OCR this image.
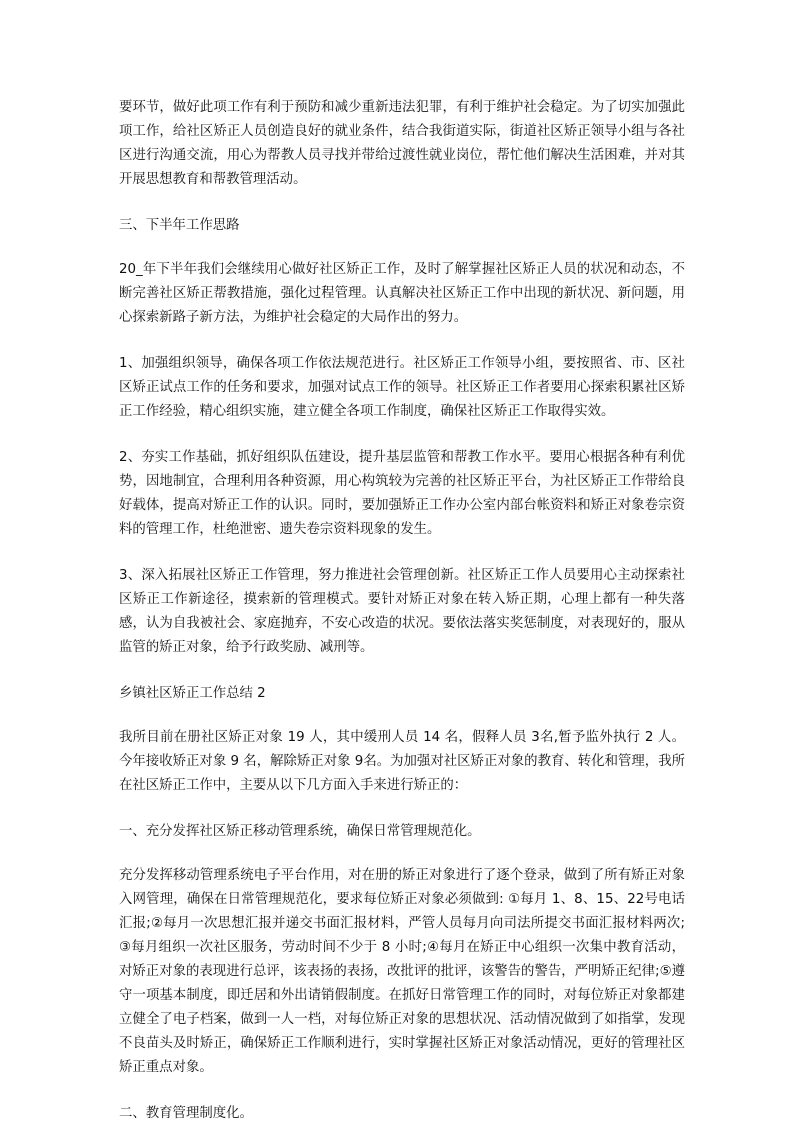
要环节，做好此项工作有利于预防和减少重新违法犯罪，有利于维护社会稳定。为了切实加强此项工作，给社区矫正人员创造良好的就业条件，结合我街道实际，街道社区矫正领导小组与各社区进行沟通交流，用心为帮教人员寻找并带给过渡性就业岗位，帮忙他们解决生活困难，并对其开展思想教育和帮教管理活动。

三、下半年工作思路

20_年下半年我们会继续用心做好社区矫正工作，及时了解掌握社区矫正人员的状况和动态，不断完善社区矫正帮教措施，强化过程管理。认真解决社区矫正工作中出现的新状况、新问题，用心探索新路子新方法，为维护社会稳定的大局作出的努力。

1、加强组织领导，确保各项工作依法规范进行。社区矫正工作领导小组，要按照省、市、区社区矫正试点工作的任务和要求，加强对试点工作的领导。社区矫正工作者要用心探索积累社区矫正工作经验，精心组织实施，建立健全各项工作制度，确保社区矫正工作取得实效。

2、夯实工作基础，抓好组织队伍建设，提升基层监管和帮教工作水平。要用心根据各种有利优势，因地制宜，合理利用各种资源，用心构筑较为完善的社区矫正平台，为社区矫正工作带给良好载体，提高对矫正工作的认识。同时，要加强矫正工作办公室内部台帐资料和矫正对象卷宗资料的管理工作，杜绝泄密、遗失卷宗资料现象的发生。

3、深入拓展社区矫正工作管理，努力推进社会管理创新。社区矫正工作人员要用心主动探索社区矫正工作新途径，摸索新的管理模式。要针对矫正对象在转入矫正期，心理上都有一种失落感，认为自我被社会、家庭抛弃，不安心改造的状况。要依法落实奖惩制度，对表现好的，服从监管的矫正对象，给予行政奖励、减刑等。

乡镇社区矫正工作总结 2

我所目前在册社区矫正对象 19 人，其中缓刑人员 14 名，假释人员 3名,暂予监外执行 2 人。今年接收矫正对象 9 名，解除矫正对象 9名。为加强对社区矫正对象的教育、转化和管理，我所在社区矫正工作中，主要从以下几方面入手来进行矫正的：

一、充分发挥社区矫正移动管理系统，确保日常管理规范化。

充分发挥移动管理系统电子平台作用，对在册的矫正对象进行了逐个登录，做到了所有矫正对象入网管理，确保在日常管理规范化，要求每位矫正对象必须做到: ①每月 1、8、15、22号电话汇报;②每月一次思想汇报并递交书面汇报材料，严管人员每月向司法所提交书面汇报材料两次;③每月组织一次社区服务，劳动时间不少于 8 小时;④每月在矫正中心组织一次集中教育活动，对矫正对象的表现进行总评，该表扬的表扬，改批评的批评，该警告的警告，严明矫正纪律;⑤遵守一项基本制度，即迁居和外出请销假制度。在抓好日常管理工作的同时，对每位矫正对象都建立健全了电子档案，做到一人一档，对每位矫正对象的思想状况、活动情况做到了如指掌，发现不良苗头及时矫正，确保矫正工作顺利进行，实时掌握社区矫正对象活动情况，更好的管理社区矫正重点对象。

二、教育管理制度化。
